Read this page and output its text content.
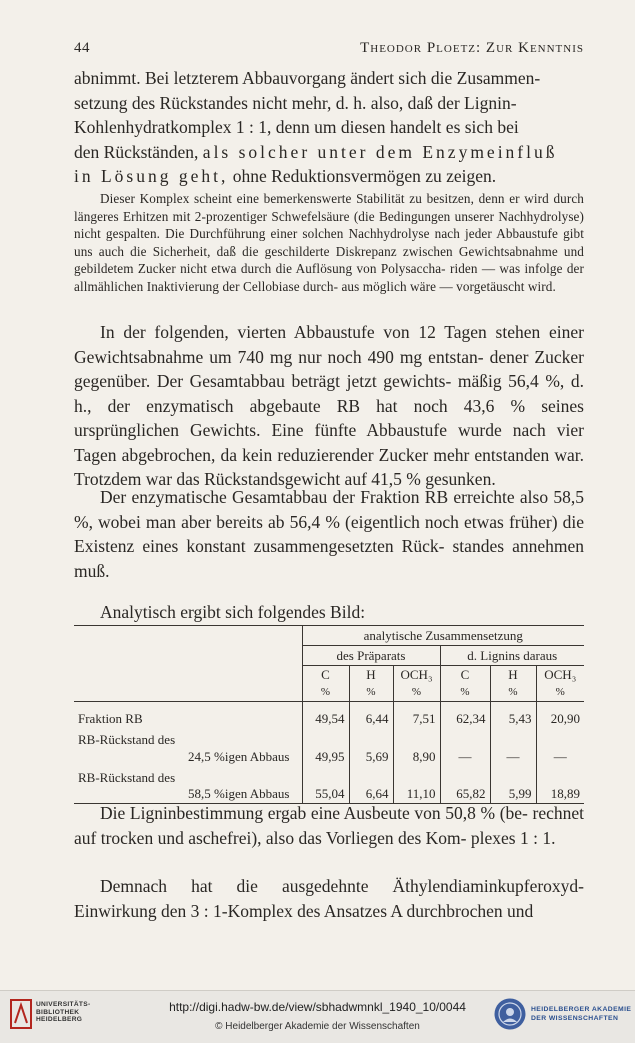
44	Theodor Ploetz: Zur Kenntnis

abnimmt. Bei letzterem Abbauvorgang ändert sich die Zusammen-

setzung des Rückstandes nicht mehr, d. h. also, daß der Lignin-

Kohlenhydratkomplex 1 : 1, denn um diesen handelt es sich bei

den Rückständen, als solcher unter dem Enzymeinfluß

in Lösung geht, ohne Reduktionsvermögen zu zeigen.

Dieser Komplex scheint eine bemerkenswerte Stabilität zu besitzen, denn er wird durch längeres Erhitzen mit 2-prozentiger Schwefelsäure (die Bedingungen unserer Nachhydrolyse) nicht gespalten. Die Durchführung einer solchen Nachhydrolyse nach jeder Abbaustufe gibt uns auch die Sicherheit, daß die geschilderte Diskrepanz zwischen Gewichtsabnahme und gebildetem Zucker nicht etwa durch die Auflösung von Polysaccha- riden — was infolge der allmählichen Inaktivierung der Cellobiase durch- aus möglich wäre — vorgetäuscht wird.

In der folgenden, vierten Abbaustufe von 12 Tagen stehen einer Gewichtsabnahme um 740 mg nur noch 490 mg entstan- dener Zucker gegenüber. Der Gesamtabbau beträgt jetzt gewichts- mäßig 56,4 %, d. h., der enzymatisch abgebaute RB hat noch 43,6 % seines ursprünglichen Gewichts. Eine fünfte Abbaustufe wurde nach vier Tagen abgebrochen, da kein reduzierender Zucker mehr entstanden war. Trotzdem war das Rückstandsgewicht auf 41,5 % gesunken.

Der enzymatische Gesamtabbau der Fraktion RB erreichte also 58,5 %, wobei man aber bereits ab 56,4 % (eigentlich noch etwas früher) die Existenz eines konstant zusammengesetzten Rück- standes annehmen muß.

Analytisch ergibt sich folgendes Bild:

	analytische Zusammensetzung					
	des Präparats			d. Lignins daraus		
	C	H	OCH₃	C	H	OCH₃
	%	%	%	%	%	%

Fraktion RB	49,54	6,44	7,51	62,34	5,43	20,90
RB-Rückstand des						
24,5 %igen Abbaus	49,95	5,69	8,90	—	—	—
RB-Rückstand des						
58,5 %igen Abbaus	55,04	6,64	11,10	65,82	5,99	18,89

Die Ligninbestimmung ergab eine Ausbeute von 50,8 % (be- rechnet auf trocken und aschefrei), also das Vorliegen des Kom- plexes 1 : 1.

Demnach hat die ausgedehnte Äthylendiaminkupferoxyd- Einwirkung den 3 : 1-Komplex des Ansatzes A durchbrochen und

UNIVERSITÄTS-
BIBLIOTHEK
HEIDELBERG
http://digi.hadw-bw.de/view/sbhadwmnkl_1940_10/0044
© Heidelberger Akademie der Wissenschaften
HEIDELBERGER AKADEMIE
DER WISSENSCHAFTEN
